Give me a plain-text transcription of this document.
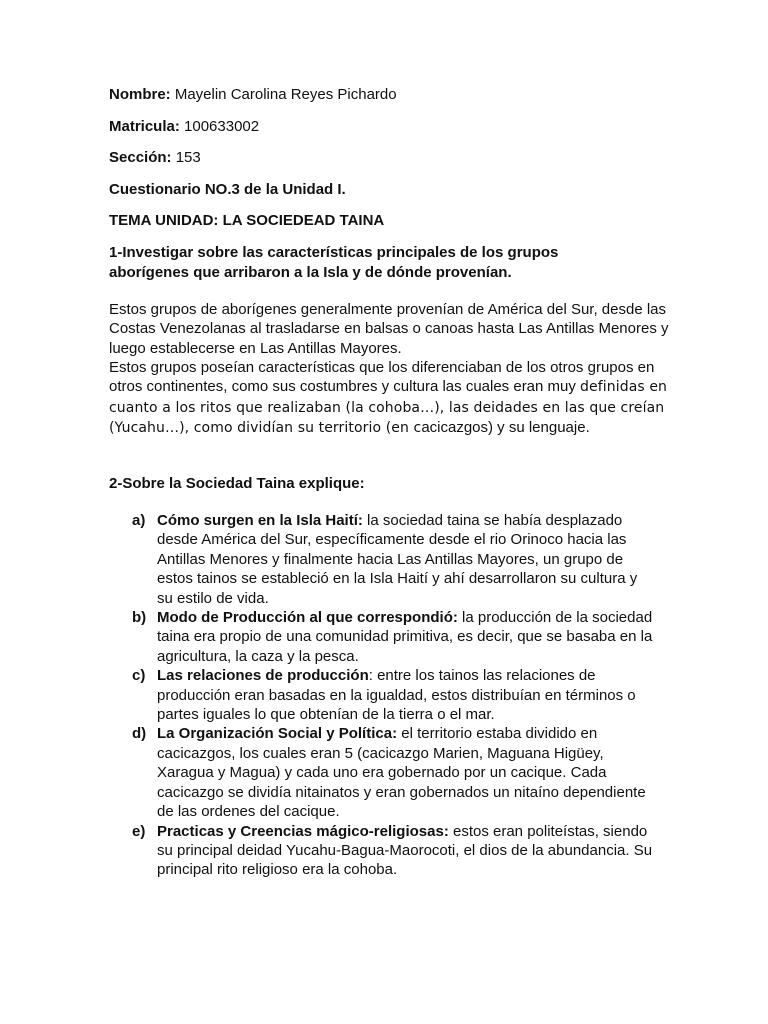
Nombre: Mayelin Carolina Reyes Pichardo
Matricula: 100633002
Sección: 153
Cuestionario NO.3 de la Unidad I.
TEMA UNIDAD: LA SOCIEDEAD TAINA
1-Investigar sobre las características principales de los grupos
aborígenes que arribaron a la Isla y de dónde provenían.

Estos grupos de aborígenes generalmente provenían de América del Sur, desde las Costas Venezolanas al trasladarse en balsas o canoas hasta Las Antillas Menores y luego establecerse en Las Antillas Mayores.

Estos grupos poseían características que los diferenciaban de los otros grupos en otros continentes, como sus costumbres y cultura las cuales eran muy definidas en cuanto a los ritos que realizaban (la cohoba…), las deidades en las que creían (Yucahu…), como dividían su territorio (en cacicazgos) y su lenguaje.

2-Sobre la Sociedad Taina explique:
a) Cómo surgen en la Isla Haití: la sociedad taina se había desplazado desde América del Sur, específicamente desde el rio Orinoco hacia las Antillas Menores y finalmente hacia Las Antillas Mayores, un grupo de estos tainos se estableció en la Isla Haití y ahí desarrollaron su cultura y su estilo de vida.
b) Modo de Producción al que correspondió: la producción de la sociedad taina era propio de una comunidad primitiva, es decir, que se basaba en la agricultura, la caza y la pesca.
c) Las relaciones de producción: entre los tainos las relaciones de producción eran basadas en la igualdad, estos distribuían en términos o partes iguales lo que obtenían de la tierra o el mar.
d) La Organización Social y Política: el territorio estaba dividido en cacicazgos, los cuales eran 5 (cacicazgo Marien, Maguana Higüey, Xaragua y Magua) y cada uno era gobernado por un cacique. Cada cacicazgo se dividía nitainatos y eran gobernados un nitaíno dependiente de las ordenes del cacique.
e) Practicas y Creencias mágico-religiosas: estos eran politeístas, siendo su principal deidad Yucahu-Bagua-Maorocoti, el dios de la abundancia. Su principal rito religioso era la cohoba.
